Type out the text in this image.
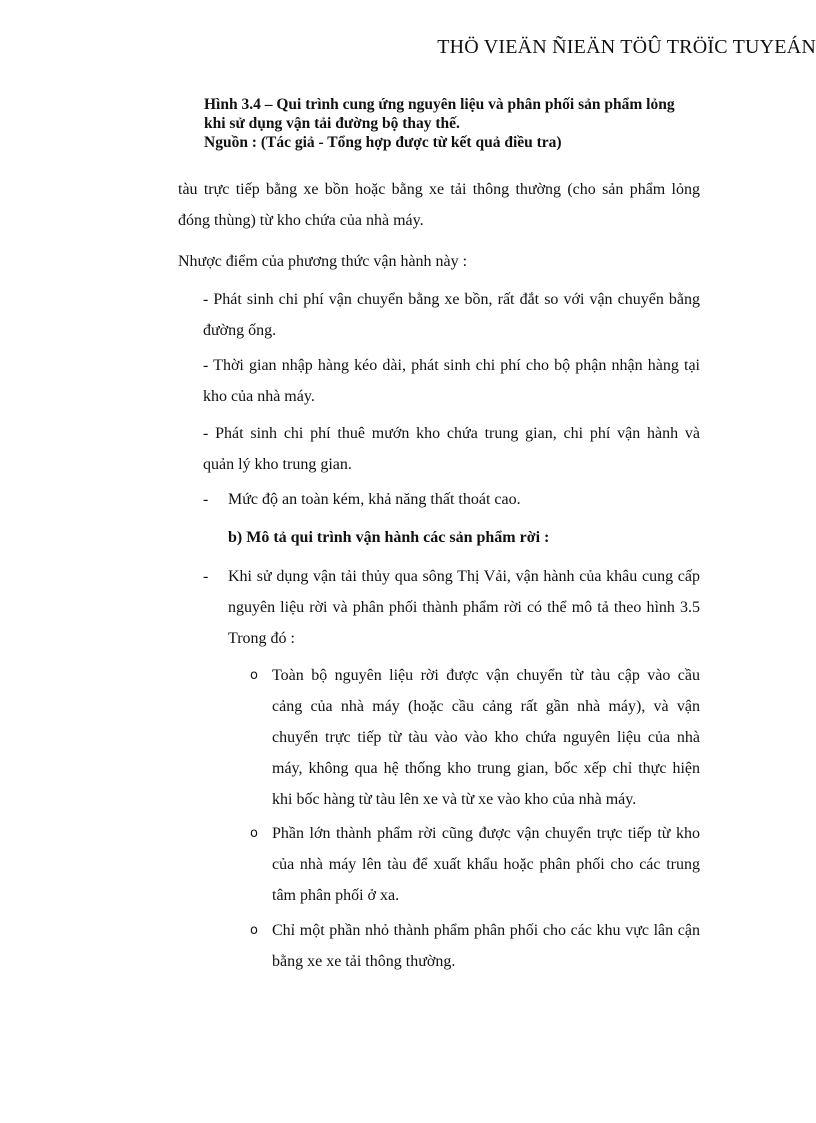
THÖ VIEÄN ÑIEÄN TÖÛ TRÖÏC TUYEÁN
Hình 3.4 – Qui trình cung ứng nguyên liệu và phân phối sản phẩm lỏng
khi sử dụng vận tải đường bộ thay thế.
Nguồn : (Tác giả - Tổng hợp được từ kết quả điều tra)
tàu trực tiếp bằng xe bồn hoặc bằng xe tải thông thường (cho sản phẩm lỏng
đóng thùng) từ kho chứa của nhà máy.
Nhược điểm của phương thức vận hành này :
- Phát sinh chi phí vận chuyển bằng xe bồn, rất đắt so với vận chuyển bằng
đường ống.
- Thời gian nhập hàng kéo dài, phát sinh chi phí cho bộ phận nhận hàng tại
kho của nhà máy.
- Phát sinh chi phí thuê mướn kho chứa trung gian, chi phí vận hành và
quản lý kho trung gian.
- Mức độ an toàn kém, khả năng thất thoát cao.
b) Mô tả qui trình vận hành các sản phẩm rời :
- Khi sử dụng vận tải thủy qua sông Thị Vải, vận hành của khâu cung cấp
nguyên liệu rời và phân phối thành phẩm rời có thể mô tả theo hình 3.5
Trong đó :
o Toàn bộ nguyên liệu rời được vận chuyển từ tàu cập vào cầu
cảng của nhà máy (hoặc cầu cảng rất gần nhà máy), và vận
chuyển trực tiếp từ tàu vào vào kho chứa nguyên liệu của nhà
máy, không qua hệ thống kho trung gian, bốc xếp chỉ thực hiện
khi bốc hàng từ tàu lên xe và từ xe vào kho của nhà máy.
o Phần lớn thành phẩm rời cũng được vận chuyển trực tiếp từ kho
của nhà máy lên tàu để xuất khẩu hoặc phân phối cho các trung
tâm phân phối ở xa.
o Chỉ một phần nhỏ thành phẩm phân phối cho các khu vực lân cận
bằng xe xe tải thông thường.
